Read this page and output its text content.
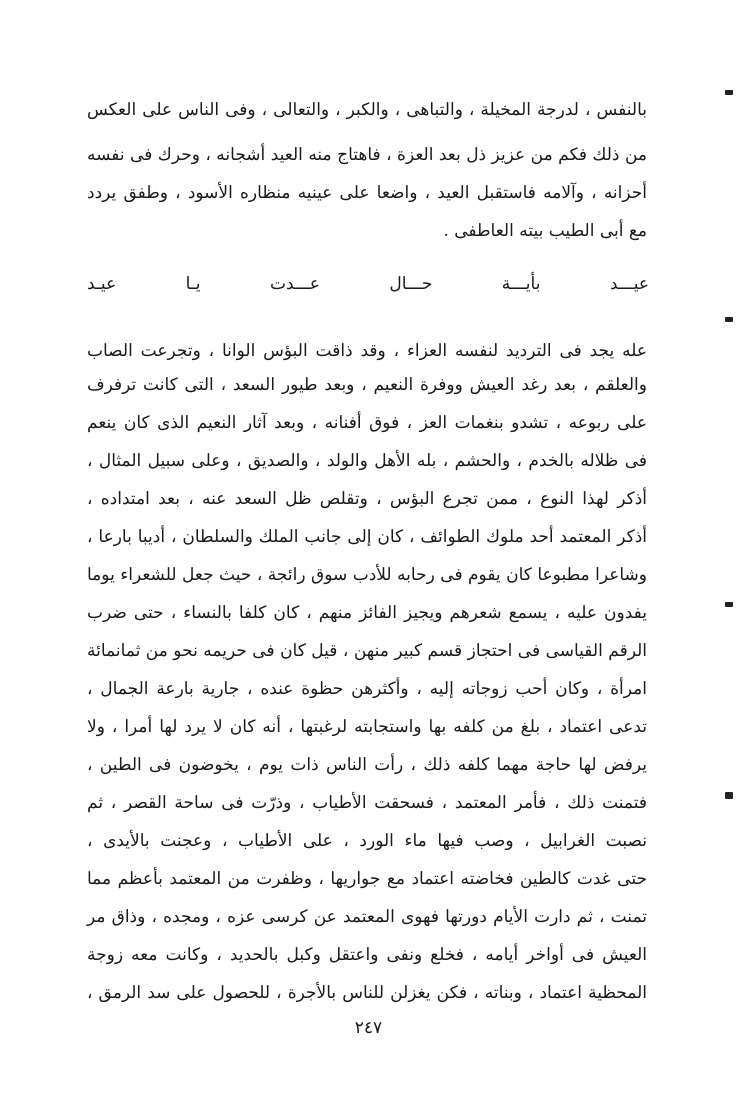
بالنفس ، لدرجة المخيلة ، والتباهى ، والكبر ، والتعالى ، وفى الناس على العكس
من ذلك فكم من عزيز ذل بعد العزة ، فاهتاج منه العيد أشجانه ، وحرك فى نفسه
أحزانه ، وآلامه فاستقبل العيد ، واضعا على عينيه منظاره الأسود ، وطفق يردد
مع أبى الطيب بيته العاطفى .
عيـــد
بأيـــة
حـــال
عـــدت
يـا
عيـد
عله يجد فى الترديد لنفسه العزاء ، وقد ذاقت البؤس الوانا ، وتجرعت الصاب
والعلقم ، بعد رغد العيش ووفرة النعيم ، وبعد طيور السعد ، التى كانت ترفرف
على ربوعه ، تشدو بنغمات العز ، فوق أفنانه ، وبعد آثار النعيم الذى كان ينعم
فى ظلاله بالخدم ، والحشم ، بله الأهل والولد ، والصديق ، وعلى سبيل المثال ،
أذكر لهذا النوع ، ممن تجرع البؤس ، وتقلص ظل السعد عنه ، بعد امتداده ،
أذكر المعتمد أحد ملوك الطوائف ، كان إلى جانب الملك والسلطان ، أديبا بارعا ،
وشاعرا مطبوعا كان يقوم فى رحابه للأدب سوق رائجة ، حيث جعل للشعراء يوما
يفدون عليه ، يسمع شعرهم ويجيز الفائز منهم ، كان كلفا بالنساء ، حتى ضرب
الرقم القياسى فى احتجاز قسم كبير منهن ، قيل كان فى حريمه نحو من ثمانمائة
امرأة ، وكان أحب زوجاته إليه ، وأكثرهن حظوة عنده ، جارية بارعة الجمال ،
تدعى اعتماد ، بلغ من كلفه بها واستجابته لرغبتها ، أنه كان لا يرد لها أمرا ، ولا
يرفض لها حاجة مهما كلفه ذلك ، رأت الناس ذات يوم ، يخوضون فى الطين ،
فتمنت ذلك ، فأمر المعتمد ، فسحقت الأطياب ، وذرّت فى ساحة القصر ، ثم
نصبت الغرابيل ، وصب فيها ماء الورد ، على الأطياب ، وعجنت بالأيدى ،
حتى غدت كالطين فخاضته اعتماد مع جواريها ، وظفرت من المعتمد بأعظم مما
تمنت ، ثم دارت الأيام دورتها فهوى المعتمد عن كرسى عزه ، ومجده ، وذاق مر
العيش فى أواخر أيامه ، فخلع ونفى واعتقل وكبل بالحديد ، وكانت معه زوجة
المحظية اعتماد ، وبناته ، فكن يغزلن للناس بالأجرة ، للحصول على سد الرمق ،
٢٤٧
